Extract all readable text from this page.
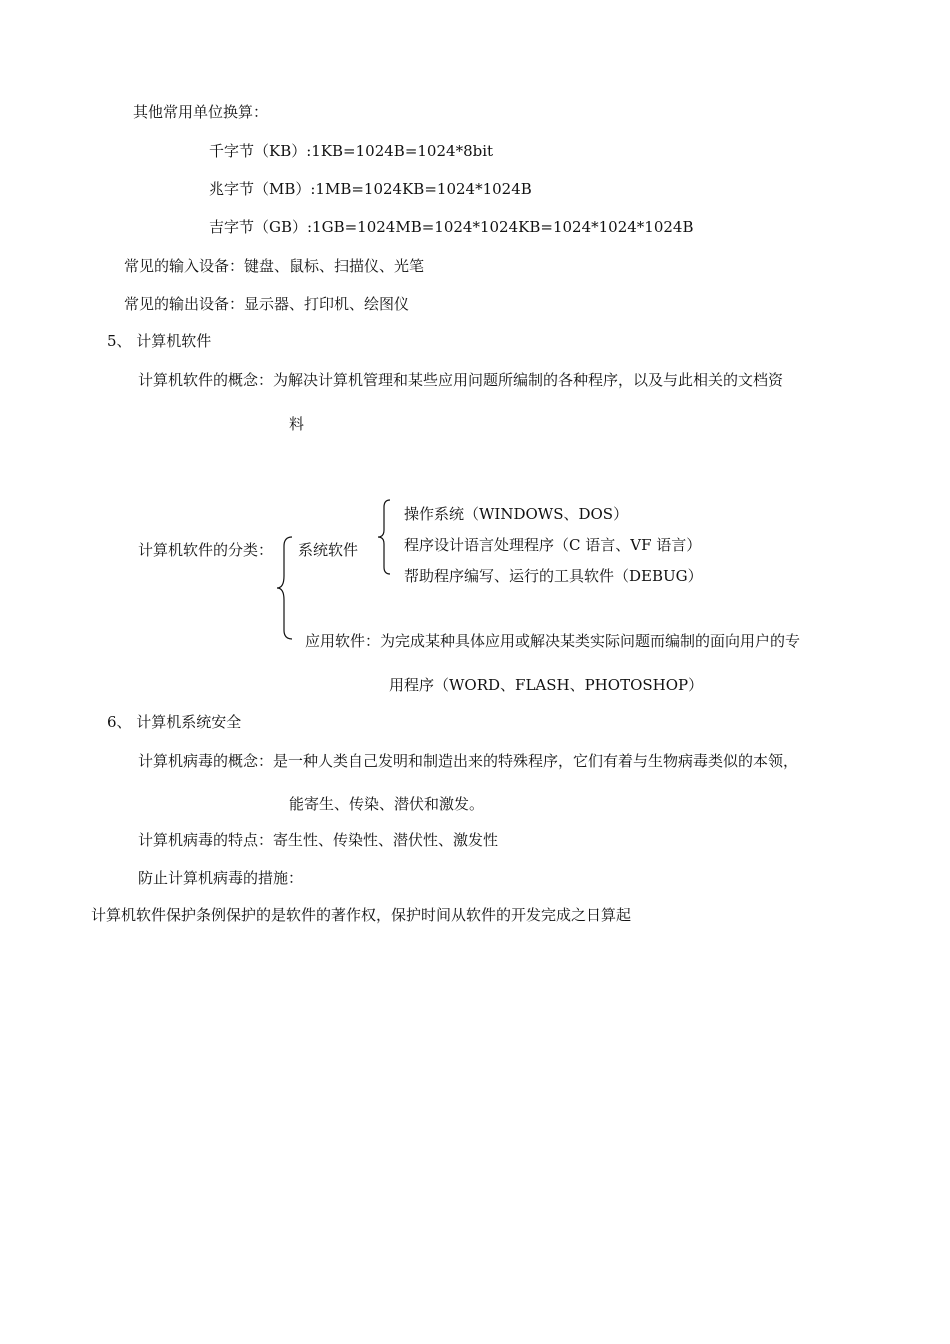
其他常用单位换算：
千字节（KB）:1KB=1024B=1024*8bit
兆字节（MB）:1MB=1024KB=1024*1024B
吉字节（GB）:1GB=1024MB=1024*1024KB=1024*1024*1024B
常见的输入设备：键盘、鼠标、扫描仪、光笔
常见的输出设备：显示器、打印机、绘图仪
5、 计算机软件
计算机软件的概念：为解决计算机管理和某些应用问题所编制的各种程序，以及与此相关的文档资
料
计算机软件的分类： 系统软件
操作系统（WINDOWS、DOS）
程序设计语言处理程序（C 语言、VF 语言）
帮助程序编写、运行的工具软件（DEBUG）
应用软件：为完成某种具体应用或解决某类实际问题而编制的面向用户的专
用程序（WORD、FLASH、PHOTOSHOP）
6、 计算机系统安全
计算机病毒的概念：是一种人类自己发明和制造出来的特殊程序，它们有着与生物病毒类似的本领，
能寄生、传染、潜伏和激发。
计算机病毒的特点：寄生性、传染性、潜伏性、激发性
防止计算机病毒的措施：
计算机软件保护条例保护的是软件的著作权，保护时间从软件的开发完成之日算起
